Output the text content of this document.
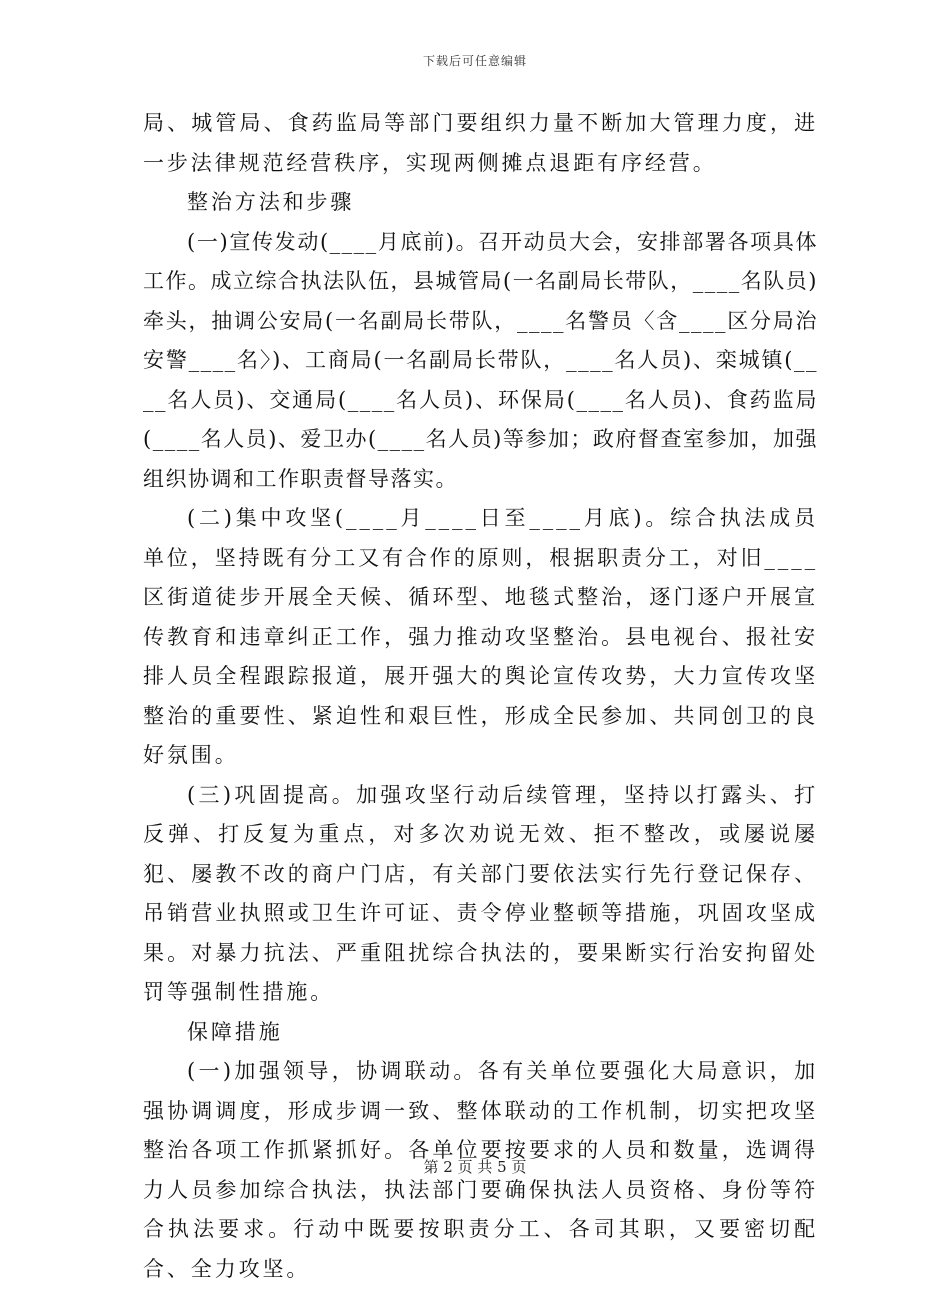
下载后可任意编辑

局、城管局、食药监局等部门要组织力量不断加大管理力度，进一步法律规范经营秩序，实现两侧摊点退距有序经营。

整治方法和步骤

(一)宣传发动(____月底前)。召开动员大会，安排部署各项具体工作。成立综合执法队伍，县城管局(一名副局长带队，____名队员)牵头，抽调公安局(一名副局长带队，____名警员〈含____区分局治安警____名〉)、工商局(一名副局长带队，____名人员)、栾城镇(____名人员)、交通局(____名人员)、环保局(____名人员)、食药监局(____名人员)、爱卫办(____名人员)等参加；政府督查室参加，加强组织协调和工作职责督导落实。

(二)集中攻坚(____月____日至____月底)。综合执法成员单位，坚持既有分工又有合作的原则，根据职责分工，对旧____区街道徒步开展全天候、循环型、地毯式整治，逐门逐户开展宣传教育和违章纠正工作，强力推动攻坚整治。县电视台、报社安排人员全程跟踪报道，展开强大的舆论宣传攻势，大力宣传攻坚整治的重要性、紧迫性和艰巨性，形成全民参加、共同创卫的良好氛围。

(三)巩固提高。加强攻坚行动后续管理，坚持以打露头、打反弹、打反复为重点，对多次劝说无效、拒不整改，或屡说屡犯、屡教不改的商户门店，有关部门要依法实行先行登记保存、吊销营业执照或卫生许可证、责令停业整顿等措施，巩固攻坚成果。对暴力抗法、严重阻扰综合执法的，要果断实行治安拘留处罚等强制性措施。

保障措施

(一)加强领导，协调联动。各有关单位要强化大局意识，加强协调调度，形成步调一致、整体联动的工作机制，切实把攻坚整治各项工作抓紧抓好。各单位要按要求的人员和数量，选调得力人员参加综合执法，执法部门要确保执法人员资格、身份等符合执法要求。行动中既要按职责分工、各司其职，又要密切配合、全力攻坚。

第 2 页 共 5 页
